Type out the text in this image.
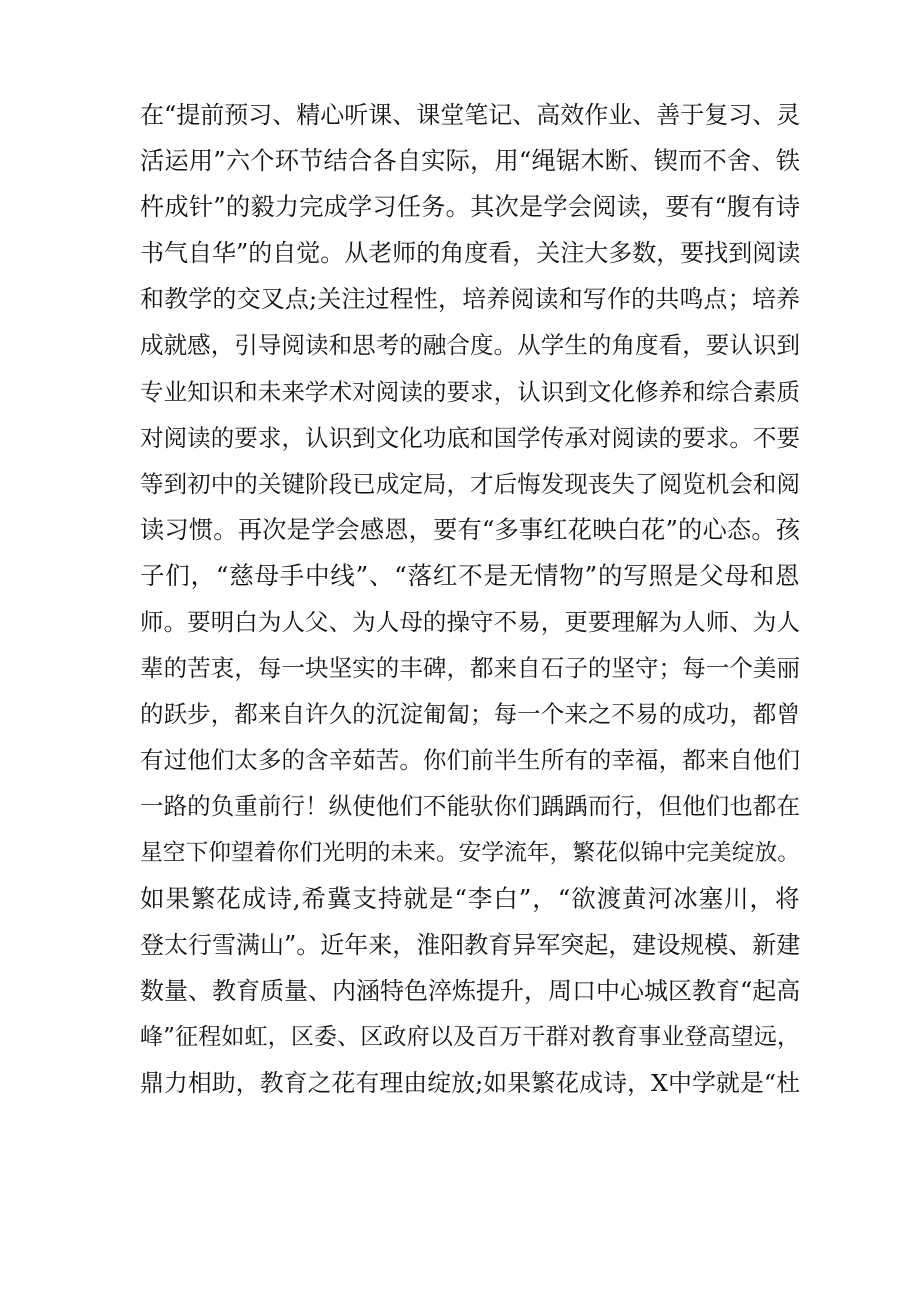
在“提前预习、精心听课、课堂笔记、高效作业、善于复习、灵
活运用”六个环节结合各自实际，用“绳锯木断、锲而不舍、铁
杵成针”的毅力完成学习任务。其次是学会阅读，要有“腹有诗
书气自华”的自觉。从老师的角度看，关注大多数，要找到阅读
和教学的交叉点;关注过程性，培养阅读和写作的共鸣点；培养
成就感，引导阅读和思考的融合度。从学生的角度看，要认识到
专业知识和未来学术对阅读的要求，认识到文化修养和综合素质
对阅读的要求，认识到文化功底和国学传承对阅读的要求。不要
等到初中的关键阶段已成定局，才后悔发现丧失了阅览机会和阅
读习惯。再次是学会感恩，要有“多事红花映白花”的心态。孩
子们，“慈母手中线”、“落红不是无情物”的写照是父母和恩
师。要明白为人父、为人母的操守不易，更要理解为人师、为人
辈的苦衷，每一块坚实的丰碑，都来自石子的坚守；每一个美丽
的跃步，都来自许久的沉淀匍匐；每一个来之不易的成功，都曾
有过他们太多的含辛茹苦。你们前半生所有的幸福，都来自他们
一路的负重前行！纵使他们不能驮你们踽踽而行，但他们也都在
星空下仰望着你们光明的未来。安学流年，繁花似锦中完美绽放。
如果繁花成诗,希冀支持就是“李白”，“欲渡黄河冰塞川，将
登太行雪满山”。近年来，淮阳教育异军突起，建设规模、新建
数量、教育质量、内涵特色淬炼提升，周口中心城区教育“起高
峰”征程如虹，区委、区政府以及百万干群对教育事业登高望远，
鼎力相助，教育之花有理由绽放;如果繁花成诗，X中学就是“杜
